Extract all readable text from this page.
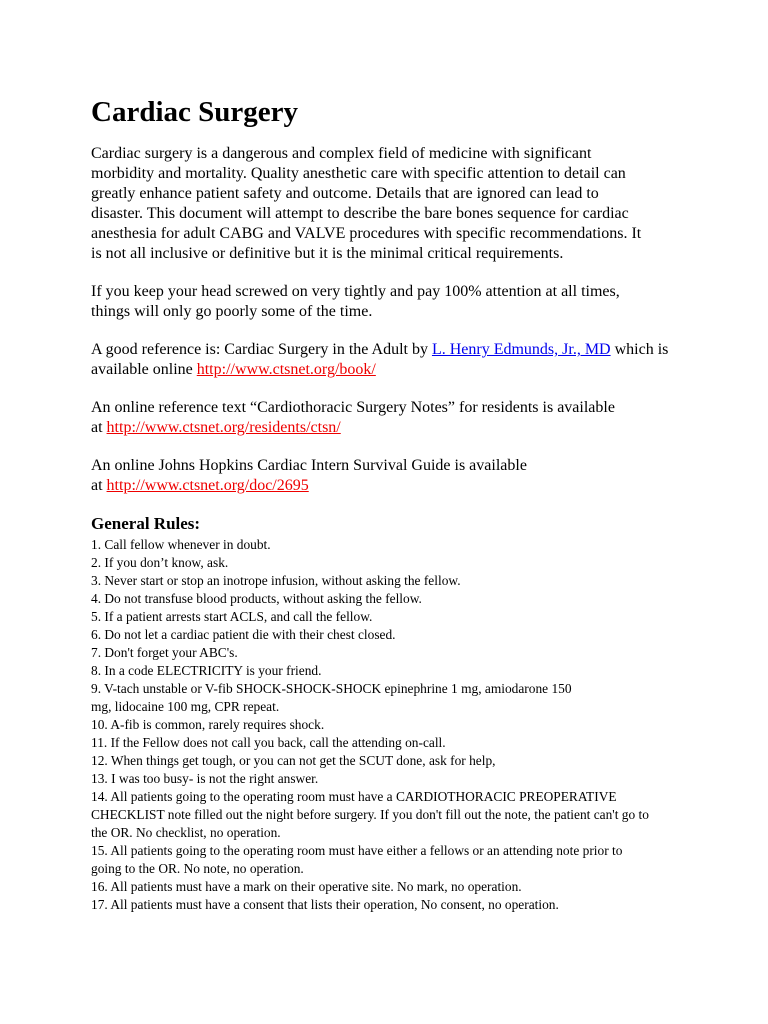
Cardiac Surgery
Cardiac surgery is a dangerous and complex field of medicine with significant
morbidity and mortality. Quality anesthetic care with specific attention to detail can
greatly enhance patient safety and outcome. Details that are ignored can lead to
disaster. This document will attempt to describe the bare bones sequence for cardiac
anesthesia for adult CABG and VALVE procedures with specific recommendations. It
is not all inclusive or definitive but it is the minimal critical requirements.
If you keep your head screwed on very tightly and pay 100% attention at all times,
things will only go poorly some of the time.
A good reference is: Cardiac Surgery in the Adult by L. Henry Edmunds, Jr., MD which is
available online http://www.ctsnet.org/book/
An online reference text “Cardiothoracic Surgery Notes” for residents is available
at http://www.ctsnet.org/residents/ctsn/
An online Johns Hopkins Cardiac Intern Survival Guide is available
at http://www.ctsnet.org/doc/2695
General Rules:
1. Call fellow whenever in doubt.
2. If you don’t know, ask.
3. Never start or stop an inotrope infusion, without asking the fellow.
4. Do not transfuse blood products, without asking the fellow.
5. If a patient arrests start ACLS, and call the fellow.
6. Do not let a cardiac patient die with their chest closed.
7. Don't forget your ABC's.
8. In a code ELECTRICITY is your friend.
9. V-tach unstable or V-fib SHOCK-SHOCK-SHOCK epinephrine 1 mg, amiodarone 150
mg, lidocaine 100 mg, CPR repeat.
10. A-fib is common, rarely requires shock.
11. If the Fellow does not call you back, call the attending on-call.
12. When things get tough, or you can not get the SCUT done, ask for help,
13. I was too busy- is not the right answer.
14. All patients going to the operating room must have a CARDIOTHORACIC PREOPERATIVE
CHECKLIST note filled out the night before surgery. If you don't fill out the note, the patient can't go to
the OR. No checklist, no operation.
15. All patients going to the operating room must have either a fellows or an attending note prior to
going to the OR. No note, no operation.
16. All patients must have a mark on their operative site. No mark, no operation.
17. All patients must have a consent that lists their operation, No consent, no operation.
